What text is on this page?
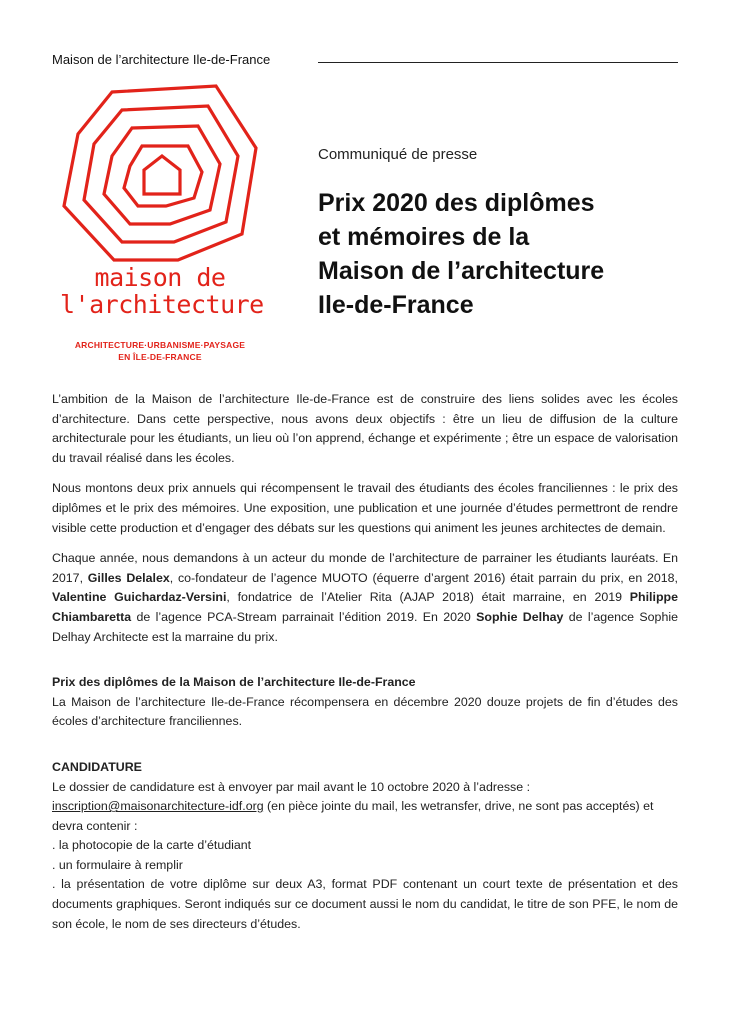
Maison de l’architecture Ile-de-France
maison de
l'architecture
ARCHITECTURE·URBANISME·PAYSAGE
EN ÎLE-DE-FRANCE
Communiqué de presse
Prix 2020 des diplômes
et mémoires de la
Maison de l’architecture
Ile-de-France

L’ambition de la Maison de l’architecture Ile-de-France est de construire des liens solides avec les écoles d’architecture. Dans cette perspective, nous avons deux objectifs : être un lieu de diffusion de la culture architecturale pour les étudiants, un lieu où l’on apprend, échange et expérimente ; être un espace de valorisation du travail réalisé dans les écoles.

Nous montons deux prix annuels qui récompensent le travail des étudiants des écoles franciliennes : le prix des diplômes et le prix des mémoires. Une exposition, une publication et une journée d’études permettront de rendre visible cette production et d’engager des débats sur les questions qui animent les jeunes architectes de demain.

Chaque année, nous demandons à un acteur du monde de l’architecture de parrainer les étudiants lauréats. En 2017, Gilles Delalex, co-fondateur de l’agence MUOTO (équerre d’argent 2016) était parrain du prix, en 2018, Valentine Guichardaz-Versini, fondatrice de l’Atelier Rita (AJAP 2018) était marraine, en 2019 Philippe Chiambaretta de l’agence PCA-Stream parrainait l’édition 2019. En 2020 Sophie Delhay de l’agence Sophie Delhay Architecte est la marraine du prix.

Prix des diplômes de la Maison de l’architecture Ile-de-France

La Maison de l’architecture Ile-de-France récompensera en décembre 2020 douze projets de fin d’études des écoles d’architecture franciliennes.

CANDIDATURE
Le dossier de candidature est à envoyer par mail avant le 10 octobre 2020 à l’adresse :
inscription@maisonarchitecture-idf.org (en pièce jointe du mail, les wetransfer, drive, ne sont pas acceptés) et devra contenir :
. la photocopie de la carte d’étudiant
. un formulaire à remplir
. la présentation de votre diplôme sur deux A3, format PDF contenant un court texte de présentation et des documents graphiques. Seront indiqués sur ce document aussi le nom du candidat, le titre de son PFE, le nom de son école, le nom de ses directeurs d’études.
